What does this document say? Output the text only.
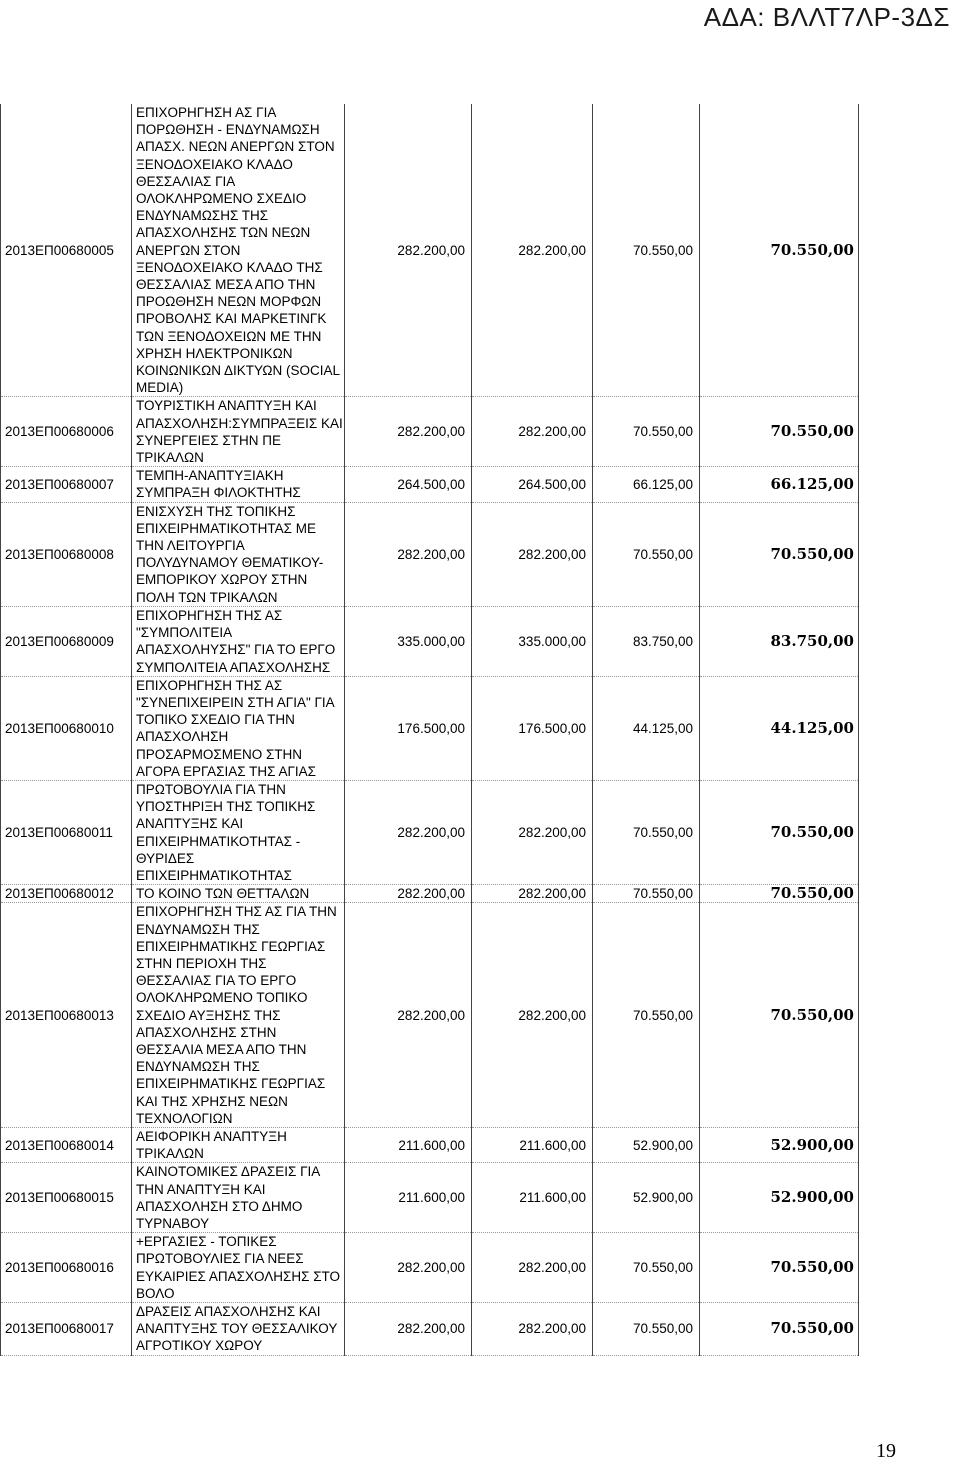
ΑΔΑ: ΒΛΛΤ7ΛΡ-3ΔΣ
2013ΕΠ00680005	ΕΠΙΧΟΡΗΓΗΣΗ ΑΣ ΓΙΑ ΠΟΡΩΘΗΣΗ - ΕΝΔΥΝΑΜΩΣΗ ΑΠΑΣΧ. ΝΕΩΝ ΑΝΕΡΓΩΝ ΣΤΟΝ ΞΕΝΟΔΟΧΕΙΑΚΟ ΚΛΑΔΟ ΘΕΣΣΑΛΙΑΣ ΓΙΑ ΟΛΟΚΛΗΡΩΜΕΝΟ ΣΧΕΔΙΟ ΕΝΔΥΝΑΜΩΣΗΣ ΤΗΣ ΑΠΑΣΧΟΛΗΣΗΣ ΤΩΝ ΝΕΩΝ ΑΝΕΡΓΩΝ ΣΤΟΝ ΞΕΝΟΔΟΧΕΙΑΚΟ ΚΛΑΔΟ ΤΗΣ ΘΕΣΣΑΛΙΑΣ ΜΕΣΑ ΑΠΟ ΤΗΝ ΠΡΟΩΘΗΣΗ ΝΕΩΝ ΜΟΡΦΩΝ ΠΡΟΒΟΛΗΣ ΚΑΙ ΜΑΡΚΕΤΙΝΓΚ ΤΩΝ ΞΕΝΟΔΟΧΕΙΩΝ ΜΕ ΤΗΝ ΧΡΗΣΗ ΗΛΕΚΤΡΟΝΙΚΩΝ ΚΟΙΝΩΝΙΚΩΝ ΔΙΚΤΥΩΝ (SOCIAL MEDIA)	282.200,00	282.200,00	70.550,00	70.550,00
2013ΕΠ00680006	ΤΟΥΡΙΣΤΙΚΗ ΑΝΑΠΤΥΞΗ ΚΑΙ ΑΠΑΣΧΟΛΗΣΗ:ΣΥΜΠΡΑΞΕΙΣ ΚΑΙ ΣΥΝΕΡΓΕΙΕΣ ΣΤΗΝ ΠΕ ΤΡΙΚΑΛΩΝ	282.200,00	282.200,00	70.550,00	70.550,00
2013ΕΠ00680007	ΤΕΜΠΗ-ΑΝΑΠΤΥΞΙΑΚΗ ΣΥΜΠΡΑΞΗ ΦΙΛΟΚΤΗΤΗΣ	264.500,00	264.500,00	66.125,00	66.125,00
2013ΕΠ00680008	ΕΝΙΣΧΥΣΗ ΤΗΣ ΤΟΠΙΚΗΣ ΕΠΙΧΕΙΡΗΜΑΤΙΚΟΤΗΤΑΣ ΜΕ ΤΗΝ ΛΕΙΤΟΥΡΓΙΑ ΠΟΛΥΔΥΝΑΜΟΥ ΘΕΜΑΤΙΚΟΥ-ΕΜΠΟΡΙΚΟΥ ΧΩΡΟΥ ΣΤΗΝ ΠΟΛΗ ΤΩΝ ΤΡΙΚΑΛΩΝ	282.200,00	282.200,00	70.550,00	70.550,00
2013ΕΠ00680009	ΕΠΙΧΟΡΗΓΗΣΗ ΤΗΣ ΑΣ "ΣΥΜΠΟΛΙΤΕΙΑ ΑΠΑΣΧΟΛΗΥΣΗΣ" ΓΙΑ ΤΟ ΕΡΓΟ ΣΥΜΠΟΛΙΤΕΙΑ ΑΠΑΣΧΟΛΗΣΗΣ	335.000,00	335.000,00	83.750,00	83.750,00
2013ΕΠ00680010	ΕΠΙΧΟΡΗΓΗΣΗ ΤΗΣ ΑΣ "ΣΥΝΕΠΙΧΕΙΡΕΙΝ ΣΤΗ ΑΓΙΑ" ΓΙΑ ΤΟΠΙΚΟ ΣΧΕΔΙΟ ΓΙΑ ΤΗΝ ΑΠΑΣΧΟΛΗΣΗ ΠΡΟΣΑΡΜΟΣΜΕΝΟ ΣΤΗΝ ΑΓΟΡΑ ΕΡΓΑΣΙΑΣ ΤΗΣ ΑΓΙΑΣ	176.500,00	176.500,00	44.125,00	44.125,00
2013ΕΠ00680011	ΠΡΩΤΟΒΟΥΛΙΑ ΓΙΑ ΤΗΝ ΥΠΟΣΤΗΡΙΞΗ ΤΗΣ ΤΟΠΙΚΗΣ ΑΝΑΠΤΥΞΗΣ ΚΑΙ ΕΠΙΧΕΙΡΗΜΑΤΙΚΟΤΗΤΑΣ - ΘΥΡΙΔΕΣ ΕΠΙΧΕΙΡΗΜΑΤΙΚΟΤΗΤΑΣ	282.200,00	282.200,00	70.550,00	70.550,00
2013ΕΠ00680012	ΤΟ ΚΟΙΝΟ ΤΩΝ ΘΕΤΤΑΛΩΝ	282.200,00	282.200,00	70.550,00	70.550,00
2013ΕΠ00680013	ΕΠΙΧΟΡΗΓΗΣΗ ΤΗΣ ΑΣ ΓΙΑ ΤΗΝ ΕΝΔΥΝΑΜΩΣΗ ΤΗΣ ΕΠΙΧΕΙΡΗΜΑΤΙΚΗΣ ΓΕΩΡΓΙΑΣ ΣΤΗΝ ΠΕΡΙΟΧΗ ΤΗΣ ΘΕΣΣΑΛΙΑΣ ΓΙΑ ΤΟ ΕΡΓΟ ΟΛΟΚΛΗΡΩΜΕΝΟ ΤΟΠΙΚΟ ΣΧΕΔΙΟ ΑΥΞΗΣΗΣ ΤΗΣ ΑΠΑΣΧΟΛΗΣΗΣ ΣΤΗΝ ΘΕΣΣΑΛΙΑ ΜΕΣΑ ΑΠΟ ΤΗΝ ΕΝΔΥΝΑΜΩΣΗ ΤΗΣ ΕΠΙΧΕΙΡΗΜΑΤΙΚΗΣ ΓΕΩΡΓΙΑΣ ΚΑΙ ΤΗΣ ΧΡΗΣΗΣ ΝΕΩΝ ΤΕΧΝΟΛΟΓΙΩΝ	282.200,00	282.200,00	70.550,00	70.550,00
2013ΕΠ00680014	ΑΕΙΦΟΡΙΚΗ ΑΝΑΠΤΥΞΗ ΤΡΙΚΑΛΩΝ	211.600,00	211.600,00	52.900,00	52.900,00
2013ΕΠ00680015	ΚΑΙΝΟΤΟΜΙΚΕΣ ΔΡΑΣΕΙΣ ΓΙΑ ΤΗΝ ΑΝΑΠΤΥΞΗ ΚΑΙ ΑΠΑΣΧΟΛΗΣΗ ΣΤΟ ΔΗΜΟ ΤΥΡΝΑΒΟΥ	211.600,00	211.600,00	52.900,00	52.900,00
2013ΕΠ00680016	+ΕΡΓΑΣΙΕΣ - ΤΟΠΙΚΕΣ ΠΡΩΤΟΒΟΥΛΙΕΣ ΓΙΑ ΝΕΕΣ ΕΥΚΑΙΡΙΕΣ ΑΠΑΣΧΟΛΗΣΗΣ ΣΤΟ ΒΟΛΟ	282.200,00	282.200,00	70.550,00	70.550,00
2013ΕΠ00680017	ΔΡΑΣΕΙΣ ΑΠΑΣΧΟΛΗΣΗΣ ΚΑΙ ΑΝΑΠΤΥΞΗΣ ΤΟΥ ΘΕΣΣΑΛΙΚΟΥ ΑΓΡΟΤΙΚΟΥ ΧΩΡΟΥ	282.200,00	282.200,00	70.550,00	70.550,00
19
